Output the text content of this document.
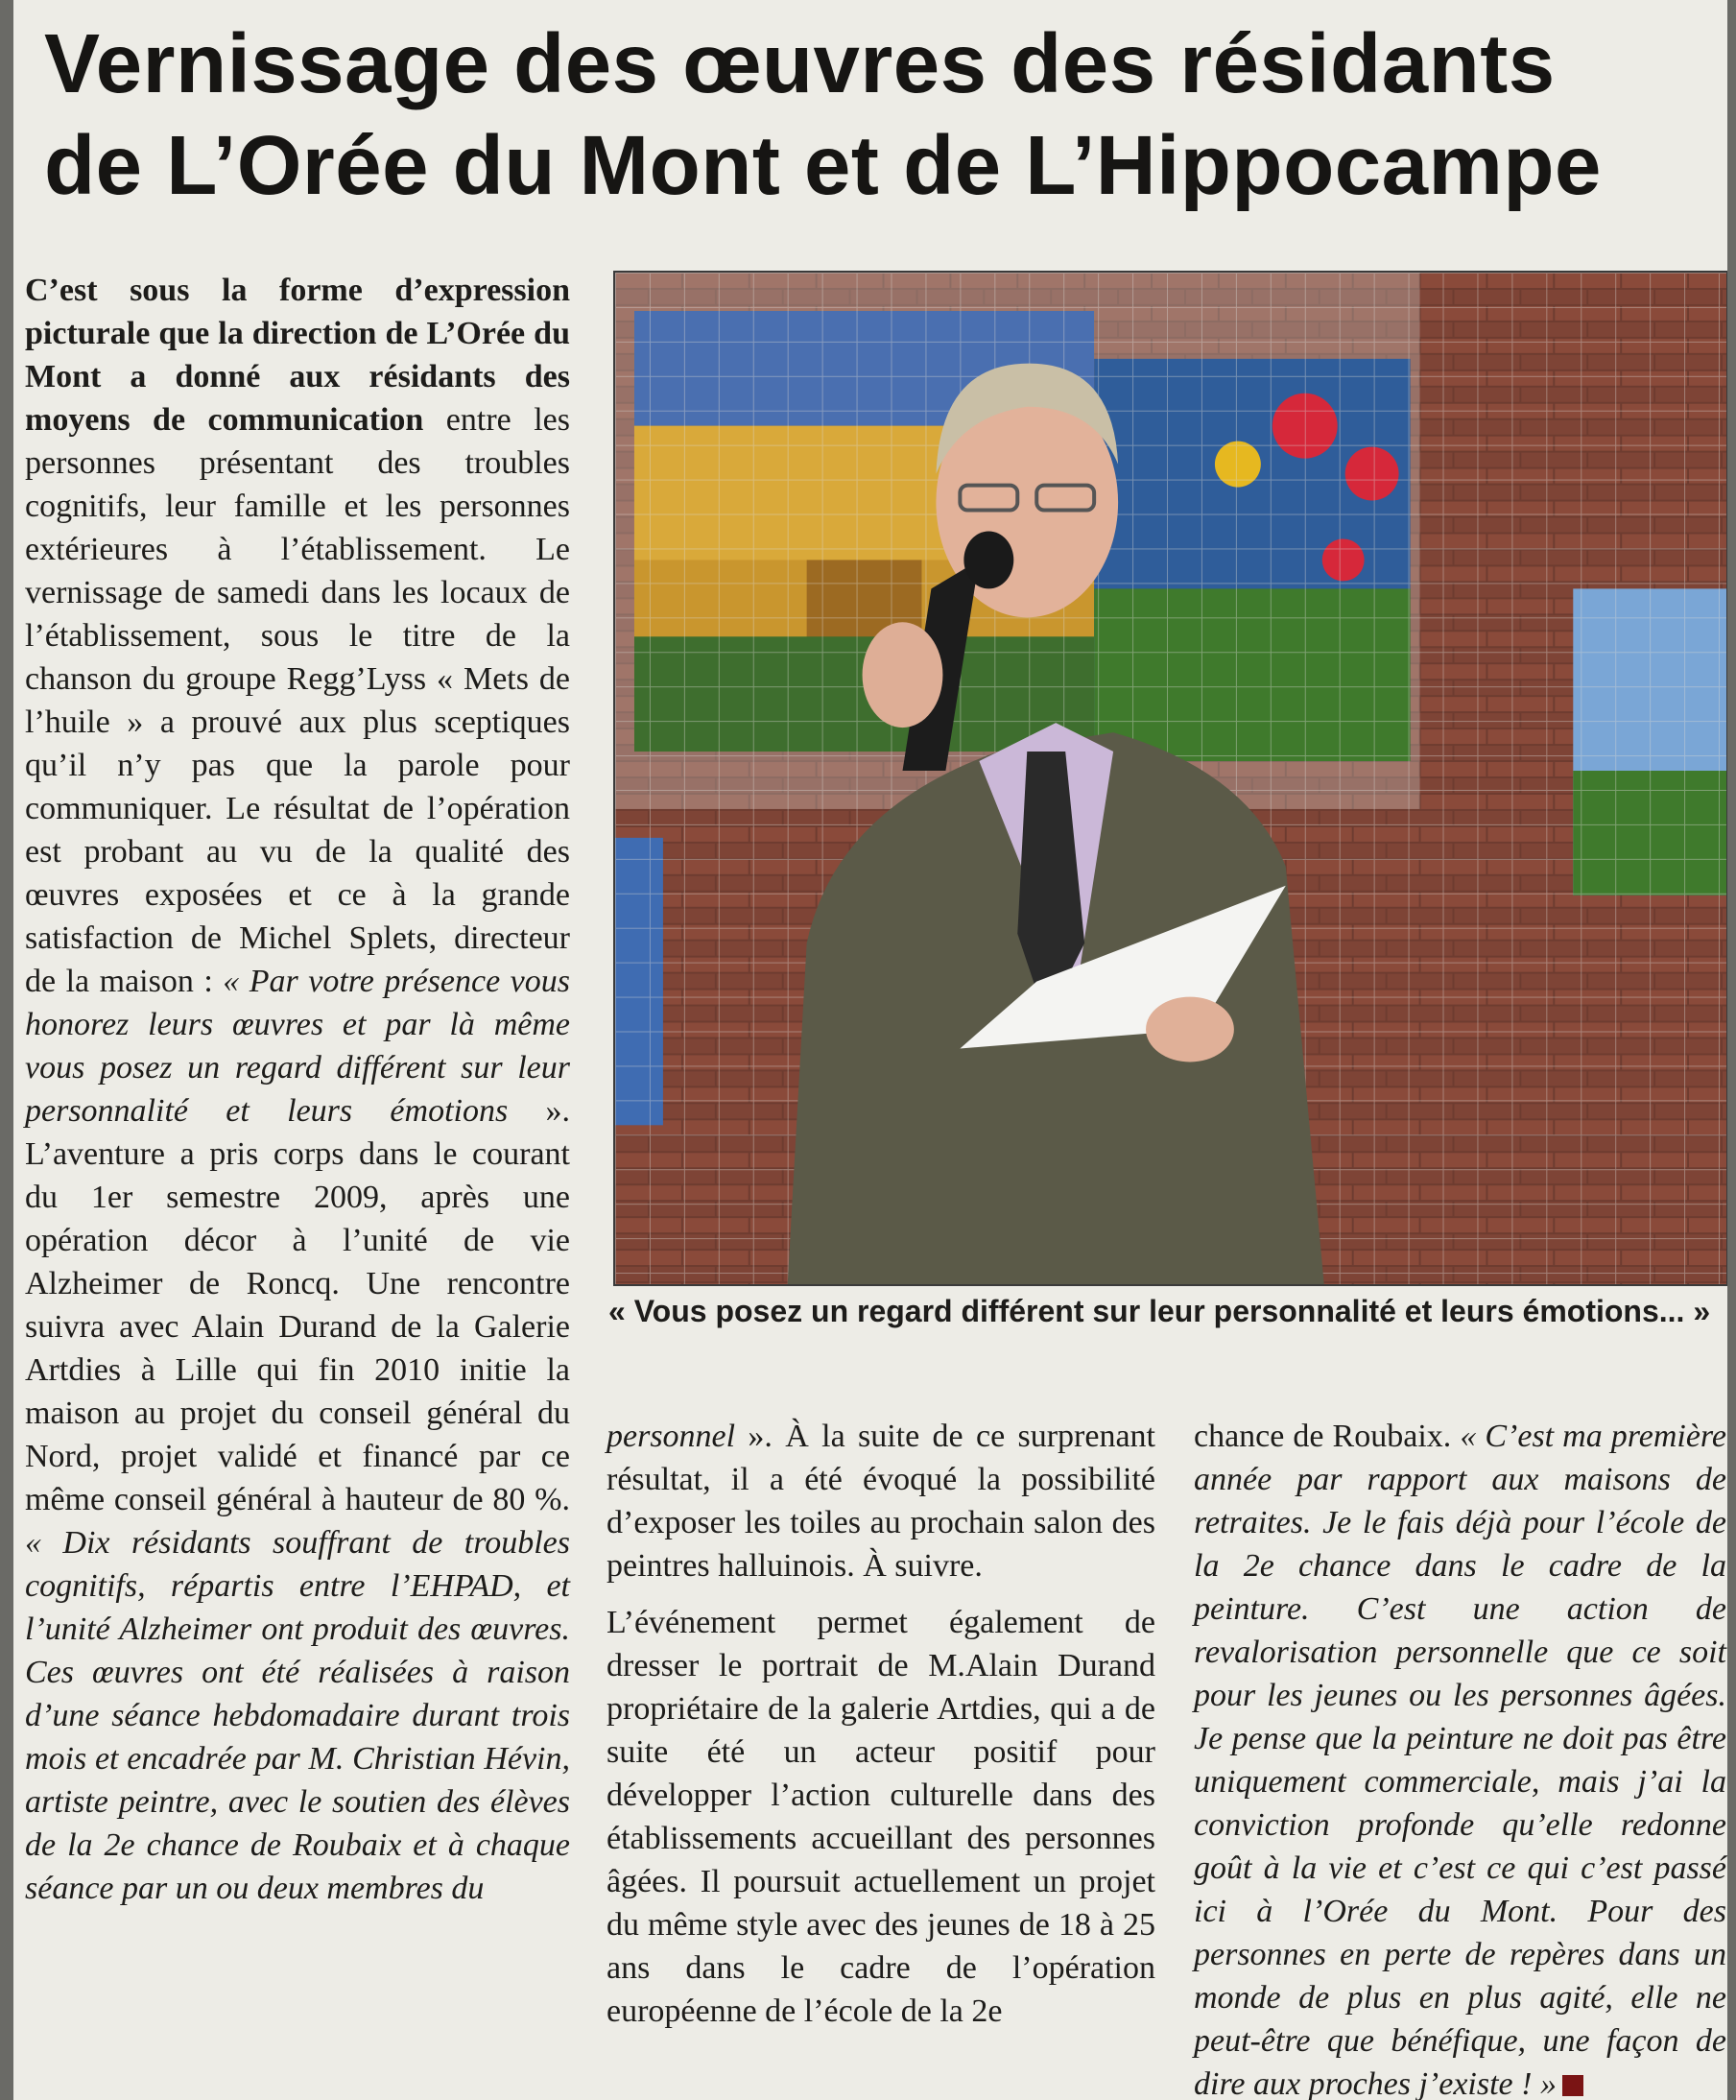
Vernissage des œuvres des résidants
de L’Orée du Mont et de L’Hippocampe

C’est sous la forme d’expression picturale que la direction de L’Orée du Mont a donné aux résidants des moyens de communication entre les personnes présentant des troubles cognitifs, leur famille et les personnes extérieures à l’établissement. Le vernissage de samedi dans les locaux de l’établissement, sous le titre de la chanson du groupe Regg’Lyss « Mets de l’huile » a prouvé aux plus sceptiques qu’il n’y pas que la parole pour communiquer. Le résultat de l’opération est probant au vu de la qualité des œuvres exposées et ce à la grande satisfaction de Michel Splets, directeur de la maison : « Par votre présence vous honorez leurs œuvres et par là même vous posez un regard différent sur leur personnalité et leurs émotions ». L’aventure a pris corps dans le courant du 1er semestre 2009, après une opération décor à l’unité de vie Alzheimer de Roncq. Une rencontre suivra avec Alain Durand de la Galerie Artdies à Lille qui fin 2010 initie la maison au projet du conseil général du Nord, projet validé et financé par ce même conseil général à hauteur de 80 %. « Dix résidants souffrant de troubles cognitifs, répartis entre l’EHPAD, et l’unité Alzheimer ont produit des œuvres. Ces œuvres ont été réalisées à raison d’une séance hebdomadaire durant trois mois et encadrée par M. Christian Hévin, artiste peintre, avec le soutien des élèves de la 2e chance de Roubaix et à chaque séance par un ou deux membres du

« Vous posez un regard différent sur leur personnalité et leurs émotions... »

personnel ». À la suite de ce surprenant résultat, il a été évoqué la possibilité d’exposer les toiles au prochain salon des peintres halluinois. À suivre.

L’événement permet également de dresser le portrait de M.Alain Durand propriétaire de la galerie Artdies, qui a de suite été un acteur positif pour développer l’action culturelle dans des établissements accueillant des personnes âgées. Il poursuit actuellement un projet du même style avec des jeunes de 18 à 25 ans dans le cadre de l’opération européenne de l’école de la 2e

chance de Roubaix. « C’est ma première année par rapport aux maisons de retraites. Je le fais déjà pour l’école de la 2e chance dans le cadre de la peinture. C’est une action de revalorisation personnelle que ce soit pour les jeunes ou les personnes âgées. Je pense que la peinture ne doit pas être uniquement commerciale, mais j’ai la conviction profonde qu’elle redonne goût à la vie et c’est ce qui c’est passé ici à l’Orée du Mont. Pour des personnes en perte de repères dans un monde de plus en plus agité, elle ne peut-être que bénéfique, une façon de dire aux proches j’existe ! »
